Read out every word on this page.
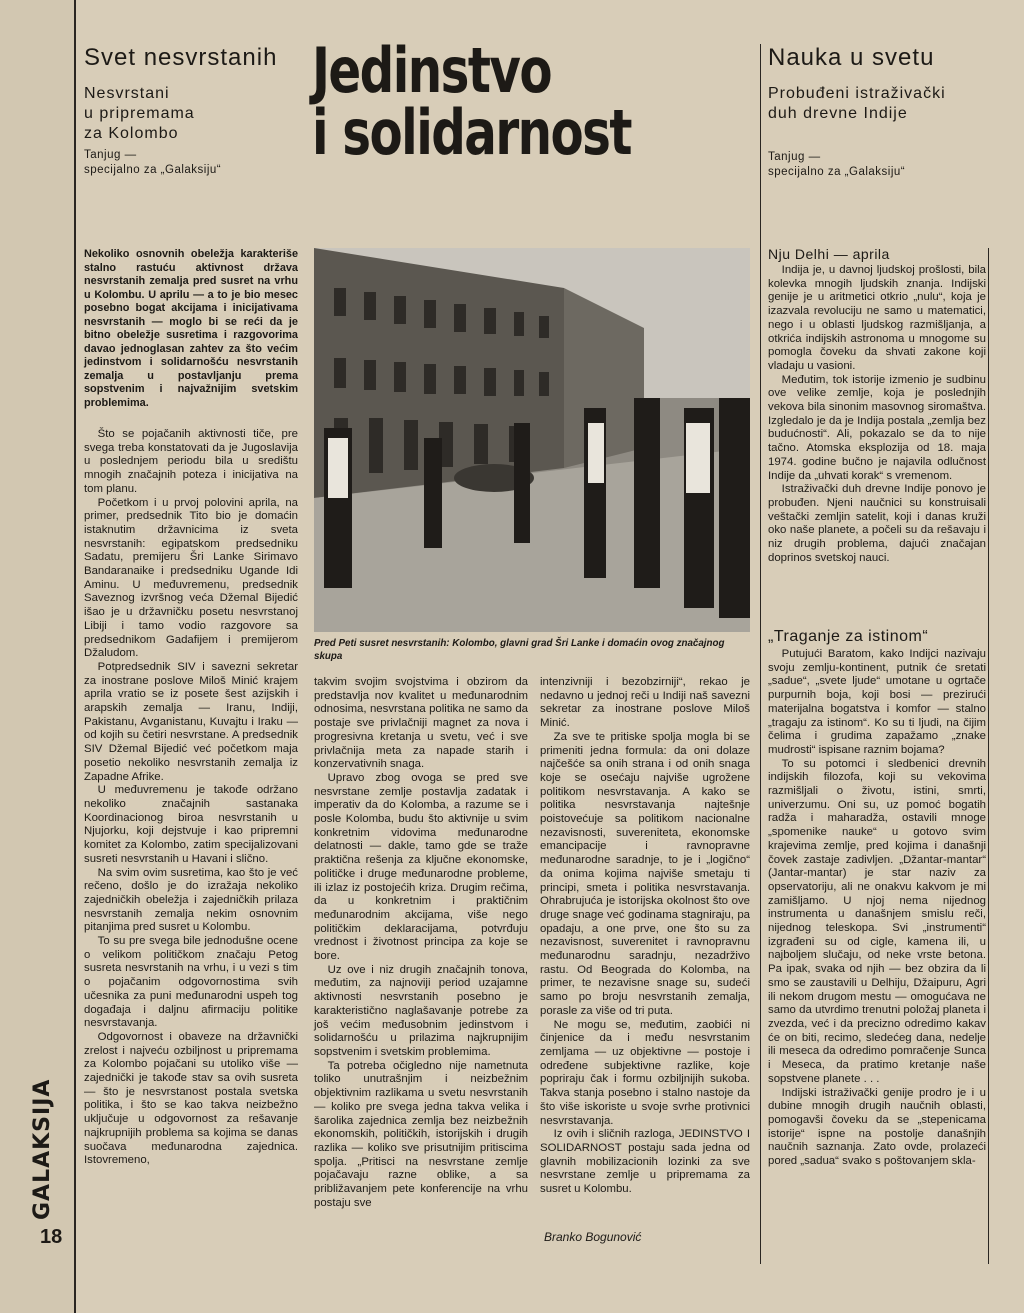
GALAKSIJA
18
Svet nesvrstanih
Nesvrstani
u pripremama
za Kolombo
Tanjug —
specijalno za „Galaksiju“
Jedinstvo
i solidarnost
Nauka u svetu
Probuđeni istraživački
duh drevne Indije
Tanjug —
specijalno za „Galaksiju“
Nekoliko osnovnih obeležja karakteriše stalno rastuću aktivnost država nesvrstanih zemalja pred susret na vrhu u Kolombu. U aprilu — a to je bio mesec posebno bogat akcijama i inicijativama nesvrstanih — moglo bi se reći da je bitno obeležje susretima i razgovorima davao jednoglasan zahtev za što većim jedinstvom i solidarnošću nesvrstanih zemalja u postavljanju prema sopstvenim i najvažnijim svetskim problemima.

Što se pojačanih aktivnosti tiče, pre svega treba konstatovati da je Jugoslavija u poslednjem periodu bila u središtu mnogih značajnih poteza i inicijativa na tom planu.

Početkom i u prvoj polovini aprila, na primer, predsednik Tito bio je domaćin istaknutim državnicima iz sveta nesvrstanih: egipatskom predsedniku Sadatu, premijeru Šri Lanke Sirimavo Bandaranaike i predsedniku Ugande Idi Aminu. U međuvremenu, predsednik Saveznog izvršnog veća Džemal Bijedić išao je u državničku posetu nesvrstanoj Libiji i tamo vodio razgovore sa predsednikom Gadafijem i premijerom Džaludom.

Potpredsednik SIV i savezni sekretar za inostrane poslove Miloš Minić krajem aprila vratio se iz posete šest azijskih i arapskih zemalja — Iranu, Indiji, Pakistanu, Avganistanu, Kuvajtu i Iraku — od kojih su četiri nesvrstane. A predsednik SIV Džemal Bijedić već početkom maja posetio nekoliko nesvrstanih zemalja iz Zapadne Afrike.

U međuvremenu je takođe održano nekoliko značajnih sastanaka Koordinacionog biroa nesvrstanih u Njujorku, koji dejstvuje i kao pripremni komitet za Kolombo, zatim specijalizovani susreti nesvrstanih u Havani i slično.

Na svim ovim susretima, kao što je već rečeno, došlo je do izražaja nekoliko zajedničkih obeležja i zajedničkih prilaza nesvrstanih zemalja nekim osnovnim pitanjima pred susret u Kolombu.

To su pre svega bile jednodušne ocene o velikom političkom značaju Petog susreta nesvrstanih na vrhu, i u vezi s tim o pojačanim odgovornostima svih učesnika za puni međunarodni uspeh tog događaja i daljnu afirmaciju politike nesvrstavanja.

Odgovornost i obaveze na državnički zrelost i najveću ozbiljnost u pripremama za Kolombo pojačani su utoliko više — zajednički je takođe stav sa ovih susreta — što je nesvrstanost postala svetska politika, i što se kao takva neizbežno uključuje u odgovornost za rešavanje najkrupnijih problema sa kojima se danas suočava međunarodna zajednica. Istovremeno,

Pred Peti susret nesvrstanih: Kolombo, glavni grad Šri Lanke i domaćin ovog značajnog skupa

takvim svojim svojstvima i obzirom da predstavlja nov kvalitet u međunarodnim odnosima, nesvrstana politika ne samo da postaje sve privlačniji magnet za nova i progresivna kretanja u svetu, već i sve privlačnija meta za napade starih i konzervativnih snaga.

Upravo zbog ovoga se pred sve nesvrstane zemlje postavlja zadatak i imperativ da do Kolomba, a razume se i posle Kolomba, budu što aktivnije u svim konkretnim vidovima međunarodne delatnosti — dakle, tamo gde se traže praktična rešenja za ključne ekonomske, političke i druge međunarodne probleme, ili izlaz iz postojećih kriza. Drugim rečima, da u konkretnim i praktičnim međunarodnim akcijama, više nego političkim deklaracijama, potvrđuju vrednost i životnost principa za koje se bore.

Uz ove i niz drugih značajnih tonova, međutim, za najnoviji period uzajamne aktivnosti nesvrstanih posebno je karakteristično naglašavanje potrebe za još većim međusobnim jedinstvom i solidarnošću u prilazima najkrupnijim sopstvenim i svetskim problemima.

Ta potreba očigledno nije nametnuta toliko unutrašnjim i neizbežnim objektivnim razlikama u svetu nesvrstanih — koliko pre svega jedna takva velika i šarolika zajednica zemlja bez neizbežnih ekonomskih, političkih, istorijskih i drugih razlika — koliko sve prisutnijim pritiscima spolja. „Pritisci na nesvrstane zemlje pojačavaju razne oblike, a sa približavanjem pete konferencije na vrhu postaju sve

intenzivniji i bezobzirniji“, rekao je nedavno u jednoj reči u Indiji naš savezni sekretar za inostrane poslove Miloš Minić.

Za sve te pritiske spolja mogla bi se primeniti jedna formula: da oni dolaze najčešće sa onih strana i od onih snaga koje se osećaju najviše ugrožene politikom nesvrstavanja. A kako se politika nesvrstavanja najtešnje poistovećuje sa politikom nacionalne nezavisnosti, suvereniteta, ekonomske emancipacije i ravnopravne međunarodne saradnje, to je i „logično“ da onima kojima najviše smetaju ti principi, smeta i politika nesvrstavanja. Ohrabrujuća je istorijska okolnost što ove druge snage već godinama stagniraju, pa opadaju, a one prve, one što su za nezavisnost, suverenitet i ravnopravnu međunarodnu saradnju, nezadrživo rastu. Od Beograda do Kolomba, na primer, te nezavisne snage su, sudeći samo po broju nesvrstanih zemalja, porasle za više od tri puta.

Ne mogu se, međutim, zaobići ni činjenice da i među nesvrstanim zemljama — uz objektivne — postoje i određene subjektivne razlike, koje popriraju čak i formu ozbiljnijih sukoba. Takva stanja posebno i stalno nastoje da što više iskoriste u svoje svrhe protivnici nesvrstavanja.

Iz ovih i sličnih razloga, JEDINSTVO I SOLIDARNOST postaju sada jedna od glavnih mobilizacionih lozinki za sve nesvrstane zemlje u pripremama za susret u Kolombu.

Branko Bogunović
Nju Delhi — aprila

Indija je, u davnoj ljudskoj prošlosti, bila kolevka mnogih ljudskih znanja. Indijski genije je u aritmetici otkrio „nulu“, koja je izazvala revoluciju ne samo u matematici, nego i u oblasti ljudskog razmišljanja, a otkrića indijskih astronoma u mnogome su pomogla čoveku da shvati zakone koji vladaju u vasioni.

Međutim, tok istorije izmenio je sudbinu ove velike zemlje, koja je poslednjih vekova bila sinonim masovnog siromaštva. Izgledalo je da je Indija postala „zemlja bez budućnosti“. Ali, pokazalo se da to nije tačno. Atomska eksplozija od 18. maja 1974. godine bučno je najavila odlučnost Indije da „uhvati korak“ s vremenom.

Istraživački duh drevne Indije ponovo je probuđen. Njeni naučnici su konstruisali veštački zemljin satelit, koji i danas kruži oko naše planete, a počeli su da rešavaju i niz drugih problema, dajući značajan doprinos svetskoj nauci.

„Traganje za istinom“

Putujući Baratom, kako Indijci nazivaju svoju zemlju-kontinent, putnik će sretati „sadue“, „svete ljude“ umotane u ogrtače purpurnih boja, koji bosi — prezirući materijalna bogatstva i komfor — stalno „tragaju za istinom“. Ko su ti ljudi, na čijim čelima i grudima zapažamo „znake mudrosti“ ispisane raznim bojama?

To su potomci i sledbenici drevnih indijskih filozofa, koji su vekovima razmišljali o životu, istini, smrti, univerzumu. Oni su, uz pomoć bogatih radža i maharadža, ostavili mnoge „spomenike nauke“ u gotovo svim krajevima zemlje, pred kojima i današnji čovek zastaje zadivljen. „Džantar-mantar“ (Jantar-mantar) je star naziv za opservatoriju, ali ne onakvu kakvom je mi zamišljamo. U njoj nema nijednog instrumenta u današnjem smislu reči, nijednog teleskopa. Svi „instrumenti“ izgrađeni su od cigle, kamena ili, u najboljem slučaju, od neke vrste betona. Pa ipak, svaka od njih — bez obzira da li smo se zaustavili u Delhiju, Džaipuru, Agri ili nekom drugom mestu — omogućava ne samo da utvrdimo trenutni položaj planeta i zvezda, već i da precizno odredimo kakav će on biti, recimo, sledećeg dana, nedelje ili meseca da odredimo pomračenje Sunca i Meseca, da pratimo kretanje naše sopstvene planete . . .

Indijski istraživački genije prodro je i u dubine mnogih drugih naučnih oblasti, pomogavši čoveku da se „stepenicama istorije“ ispne na postolje današnjih naučnih saznanja. Zato ovde, prolazeći pored „sadua“ svako s poštovanjem skla-
